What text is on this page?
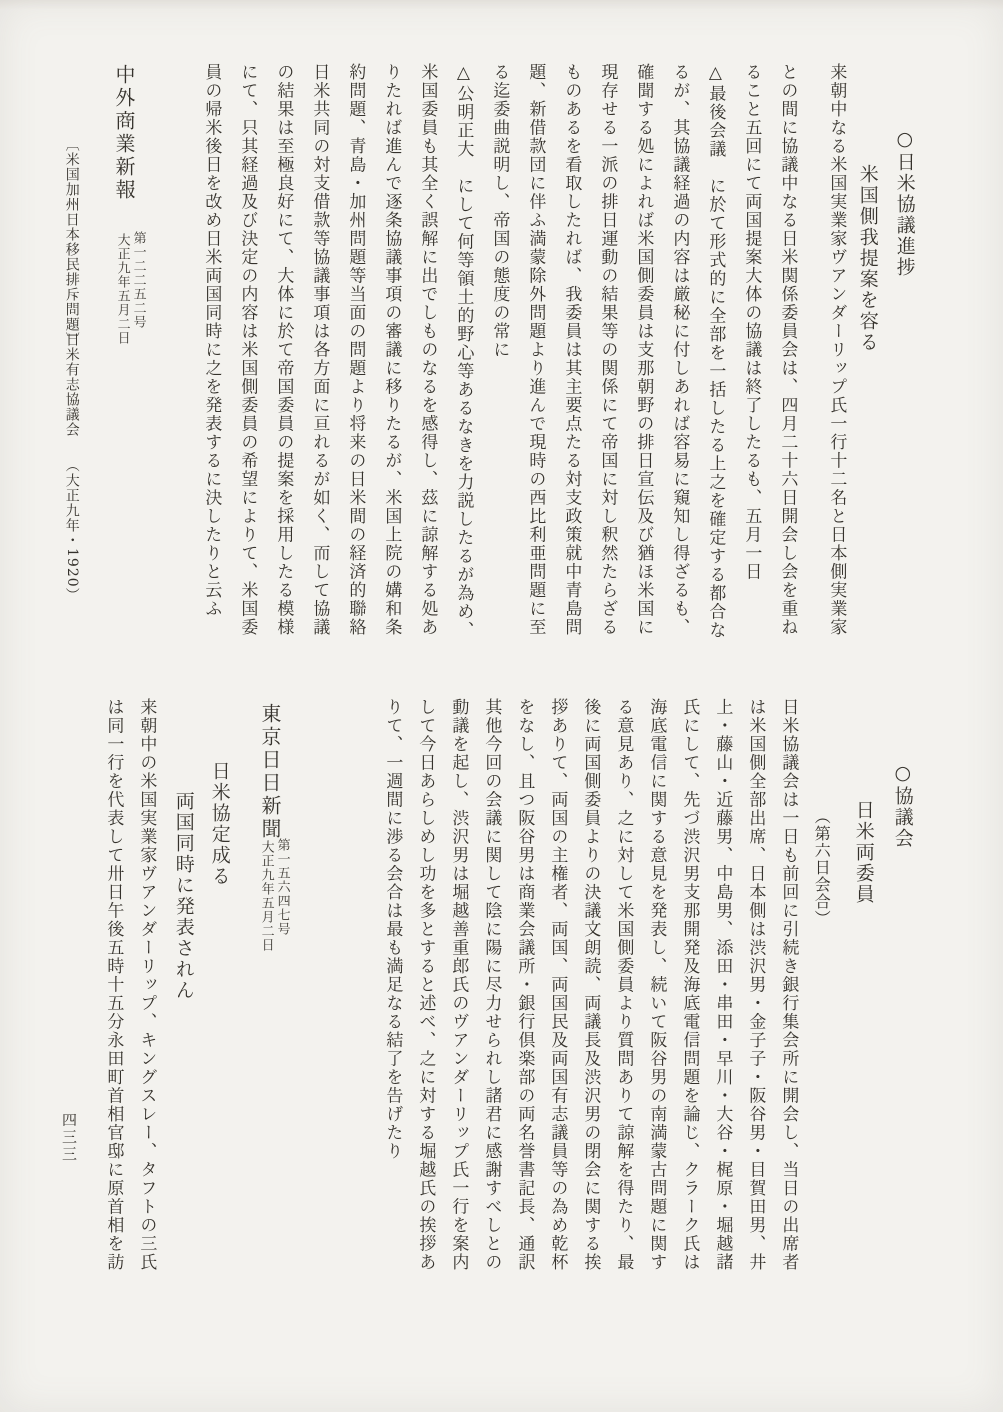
○日米協議進捗
米国側我提案を容る
来朝中なる米国実業家ヴアンダーリップ氏一行十二名と日本側実業家
との間に協議中なる日米関係委員会は、四月二十六日開会し会を重ね
ること五回にて両国提案大体の協議は終了したるも、五月一日
△最後会議　に於て形式的に全部を一括したる上之を確定する都合な
るが、其協議経過の内容は厳秘に付しあれば容易に窺知し得ざるも、
確聞する処によれば米国側委員は支那朝野の排日宣伝及び猶ほ米国に
現存せる一派の排日運動の結果等の関係にて帝国に対し釈然たらざる
ものあるを看取したれば、我委員は其主要点たる対支政策就中青島問
題、新借款団に伴ふ満蒙除外問題より進んで現時の西比利亜問題に至
る迄委曲説明し、帝国の態度の常に
△公明正大　にして何等領土的野心等あるなきを力説したるが為め、
米国委員も其全く誤解に出でしものなるを感得し、茲に諒解する処あ
りたれば進んで逐条協議事項の審議に移りたるが、米国上院の媾和条
約問題、青島・加州問題等当面の問題より将来の日米間の経済的聯絡
日米共同の対支借款等協議事項は各方面に亘れるが如く、而して協議
の結果は至極良好にて、大体に於て帝国委員の提案を採用したる模様
にて、只其経過及び決定の内容は米国側委員の希望によりて、米国委
員の帰米後日を改め日米両国同時に之を発表するに決したりと云ふ
中外商業新報
第一二二五二号
大正九年五月二日
〔米国加州日本移民排斥問題〕
日米有志協議会
（大正九年・1920）
○協議会
日米両委員
（第六日会合）
日米協議会は一日も前回に引続き銀行集会所に開会し、当日の出席者
は米国側全部出席、日本側は渋沢男・金子子・阪谷男・目賀田男、井
上・藤山・近藤男、中島男、添田・串田・早川・大谷・梶原・堀越諸
氏にして、先づ渋沢男支那開発及海底電信問題を論じ、クラーク氏は
海底電信に関する意見を発表し、続いて阪谷男の南満蒙古問題に関す
る意見あり、之に対して米国側委員より質問ありて諒解を得たり、最
後に両国側委員よりの決議文朗読、両議長及渋沢男の閉会に関する挨
拶ありて、両国の主権者、両国、両国民及両国有志議員等の為め乾杯
をなし、且つ阪谷男は商業会議所・銀行倶楽部の両名誉書記長、通訳
其他今回の会議に関して陰に陽に尽力せられし諸君に感謝すべしとの
動議を起し、渋沢男は堀越善重郎氏のヴアンダーリップ氏一行を案内
して今日あらしめし功を多とすると述べ、之に対する堀越氏の挨拶あ
りて、一週間に渉る会合は最も満足なる結了を告げたり
東京日日新聞
第一五六四七号
大正九年五月二日
日米協定成る
両国同時に発表されん
来朝中の米国実業家ヴアンダーリップ、キングスレー、タフトの三氏
は同一行を代表して卅日午後五時十五分永田町首相官邸に原首相を訪
四三三
